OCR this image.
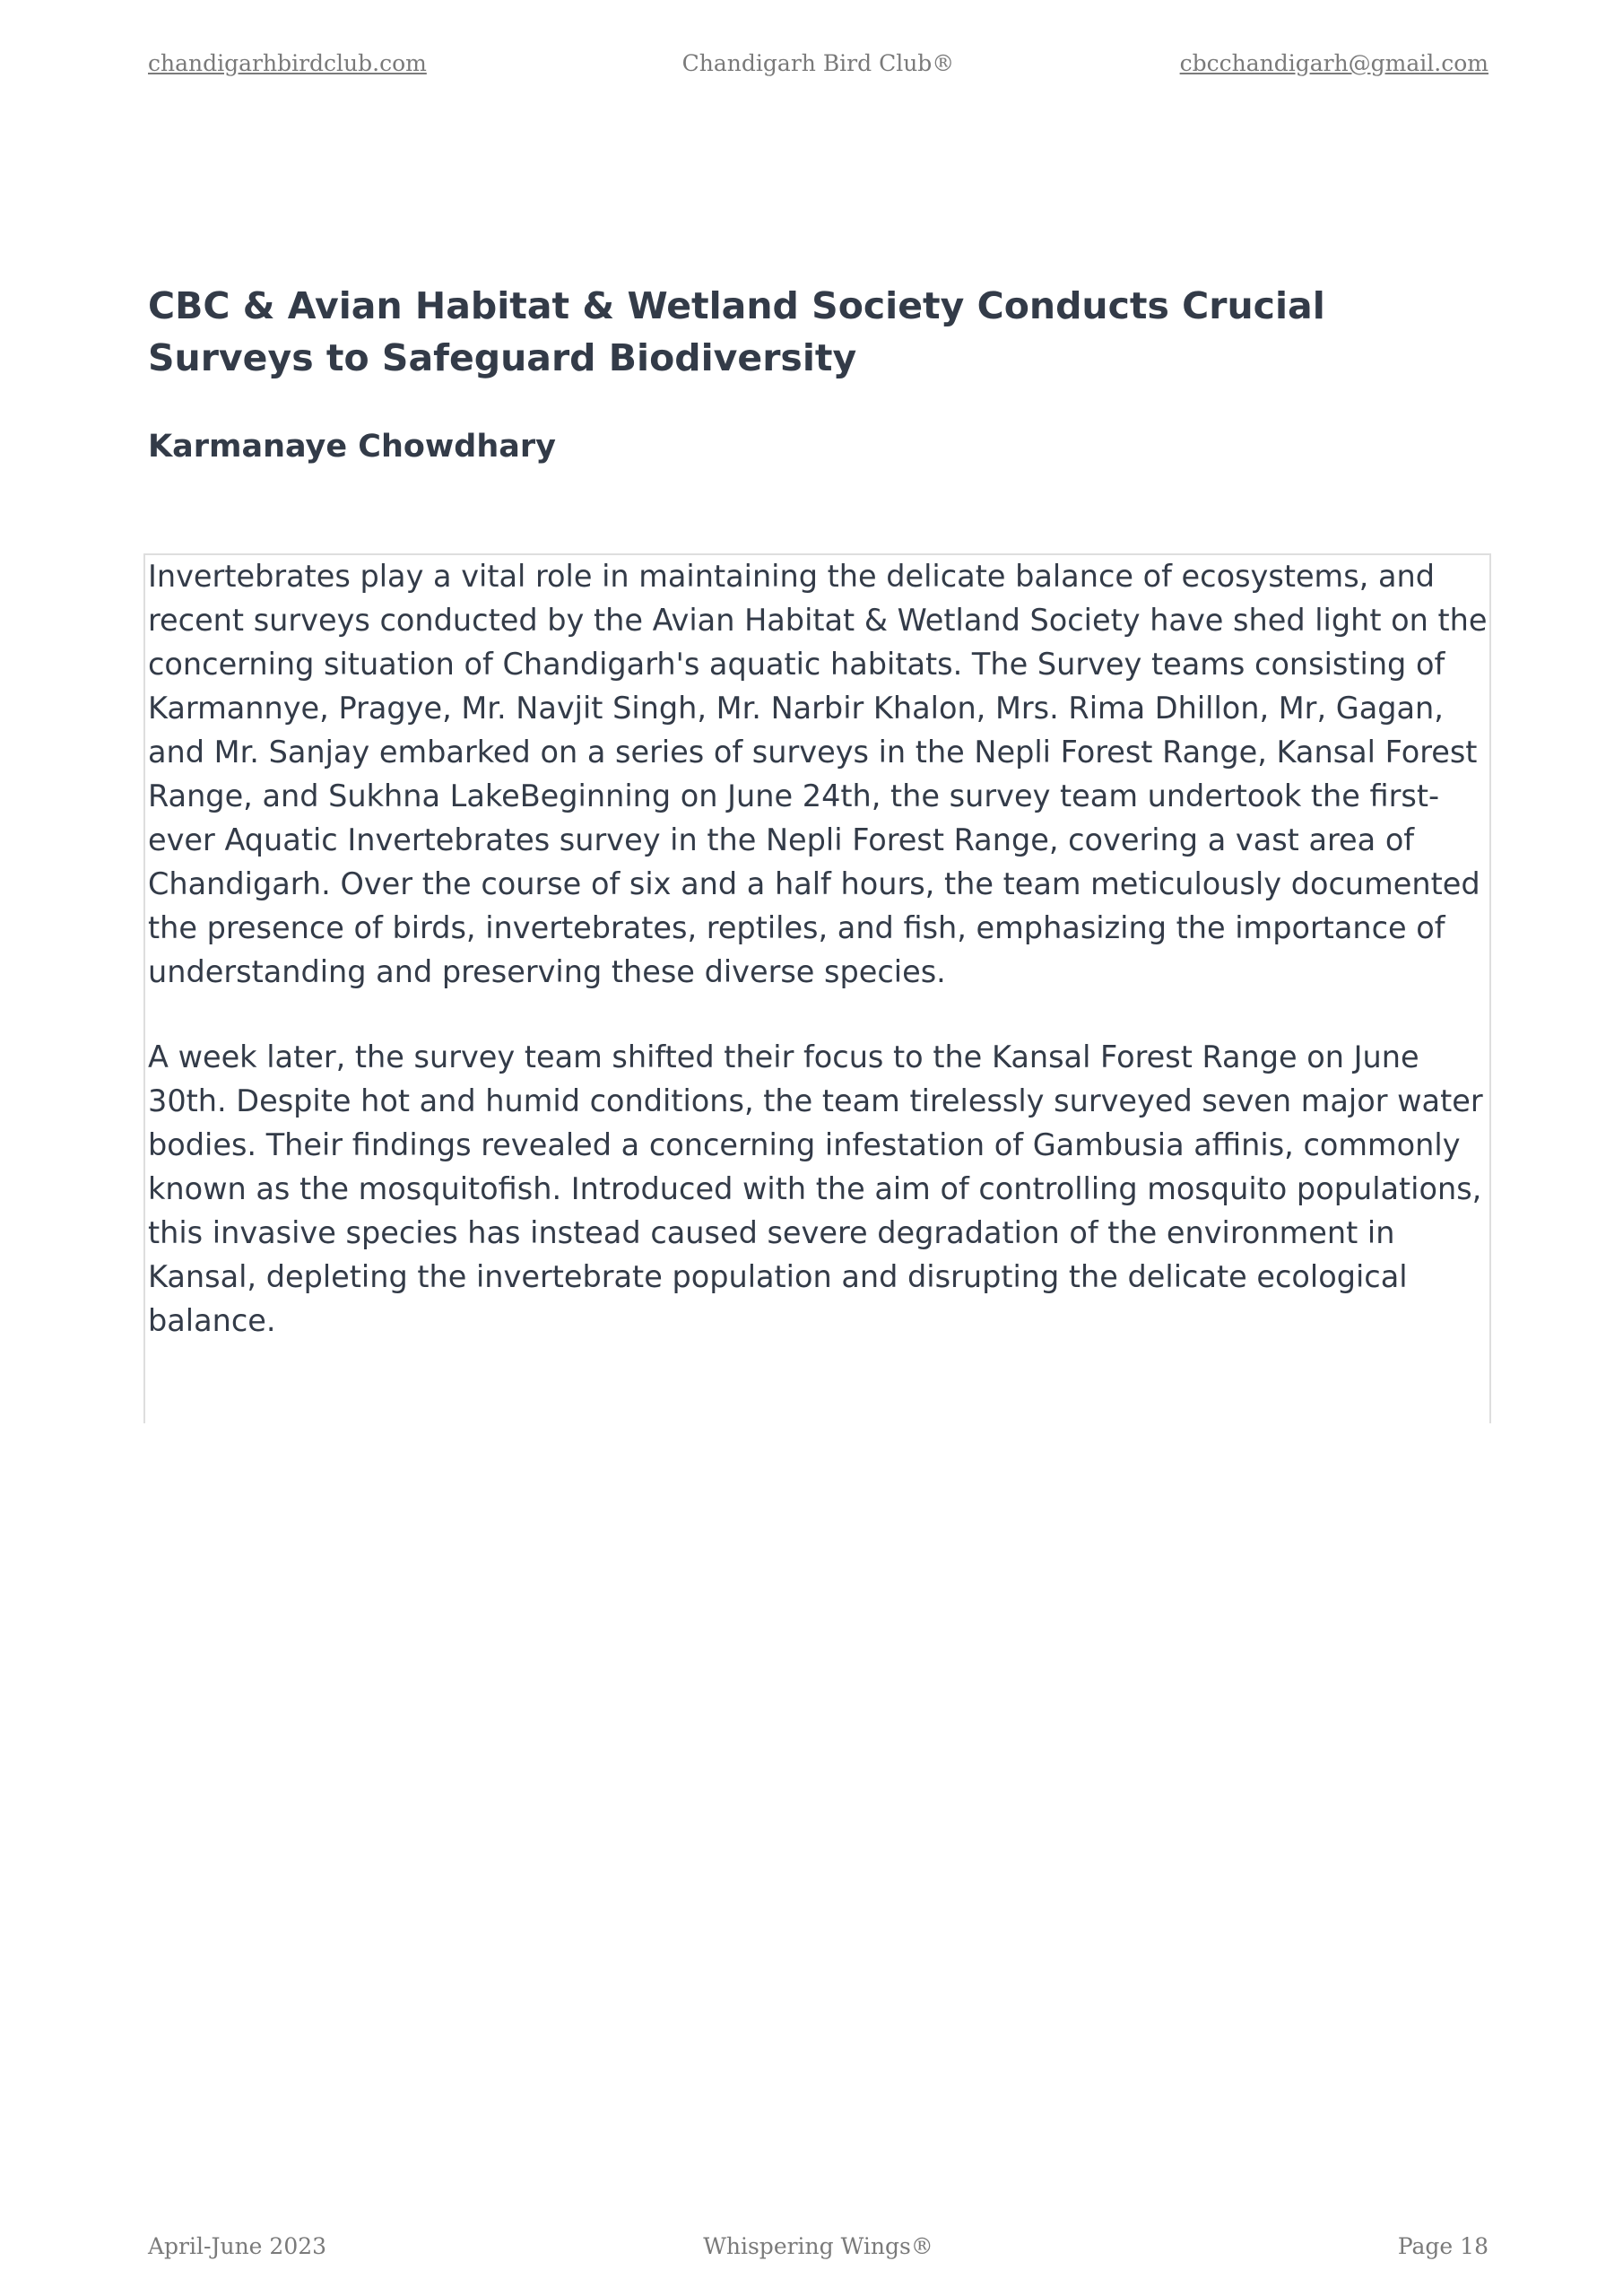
chandigarhbirdclub.com	Chandigarh Bird Club®	cbcchandigarh@gmail.com
CBC & Avian Habitat & Wetland Society Conducts Crucial Surveys to Safeguard Biodiversity
Karmanaye Chowdhary

Invertebrates play a vital role in maintaining the delicate balance of ecosystems, and recent surveys conducted by the Avian Habitat & Wetland Society have shed light on the concerning situation of Chandigarh's aquatic habitats. The Survey teams consisting of Karmannye, Pragye, Mr. Navjit Singh, Mr. Narbir Khalon, Mrs. Rima Dhillon, Mr, Gagan, and Mr. Sanjay embarked on a series of surveys in the Nepli Forest Range, Kansal Forest Range, and Sukhna LakeBeginning on June 24th, the survey team undertook the first-ever Aquatic Invertebrates survey in the Nepli Forest Range, covering a vast area of Chandigarh. Over the course of six and a half hours, the team meticulously documented the presence of birds, invertebrates, reptiles, and fish, emphasizing the importance of understanding and preserving these diverse species.

A week later, the survey team shifted their focus to the Kansal Forest Range on June 30th. Despite hot and humid conditions, the team tirelessly surveyed seven major water bodies. Their findings revealed a concerning infestation of Gambusia affinis, commonly known as the mosquitofish. Introduced with the aim of controlling mosquito populations, this invasive species has instead caused severe degradation of the environment in Kansal, depleting the invertebrate population and disrupting the delicate ecological balance.

April-June 2023	Whispering Wings®	Page 18
